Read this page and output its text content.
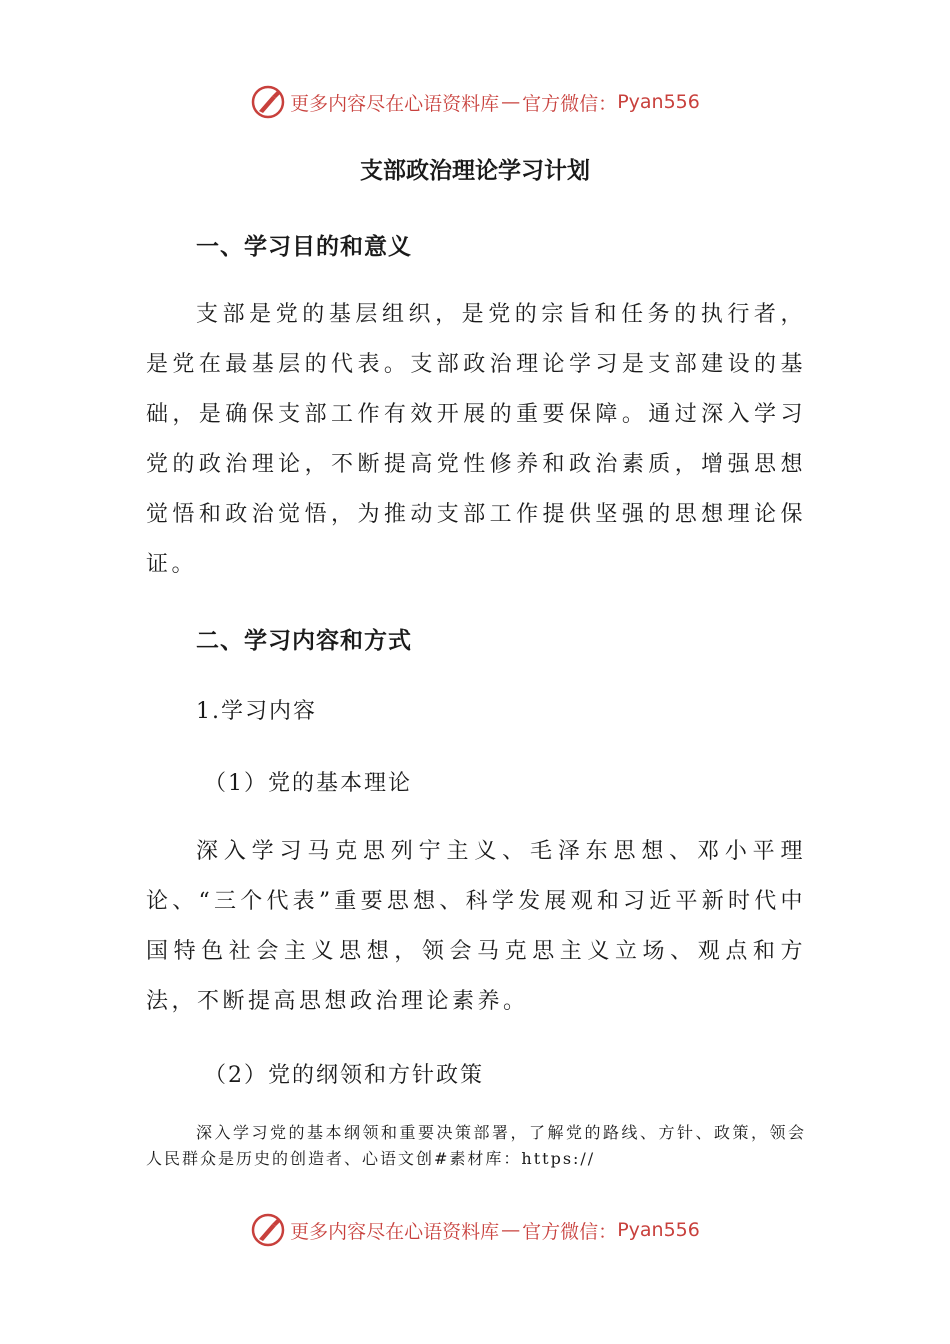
更多内容尽在心语资料库 — 官方微信： Pyan556
支部政治理论学习计划
一、学习目的和意义
支部是党的基层组织，是党的宗旨和任务的执行者，是党在最基层的代表。支部政治理论学习是支部建设的基础，是确保支部工作有效开展的重要保障。通过深入学习党的政治理论，不断提高党性修养和政治素质，增强思想觉悟和政治觉悟，为推动支部工作提供坚强的思想理论保证。
二、学习内容和方式
1.学习内容
（1）党的基本理论
深入学习马克思列宁主义、毛泽东思想、邓小平理论、“三个代表”重要思想、科学发展观和习近平新时代中国特色社会主义思想，领会马克思主义立场、观点和方法，不断提高思想政治理论素养。
（2）党的纲领和方针政策
深入学习党的基本纲领和重要决策部署，了解党的路线、方针、政策，领会人民群众是历史的创造者、心语文创#素材库：https://
更多内容尽在心语资料库 — 官方微信： Pyan556
